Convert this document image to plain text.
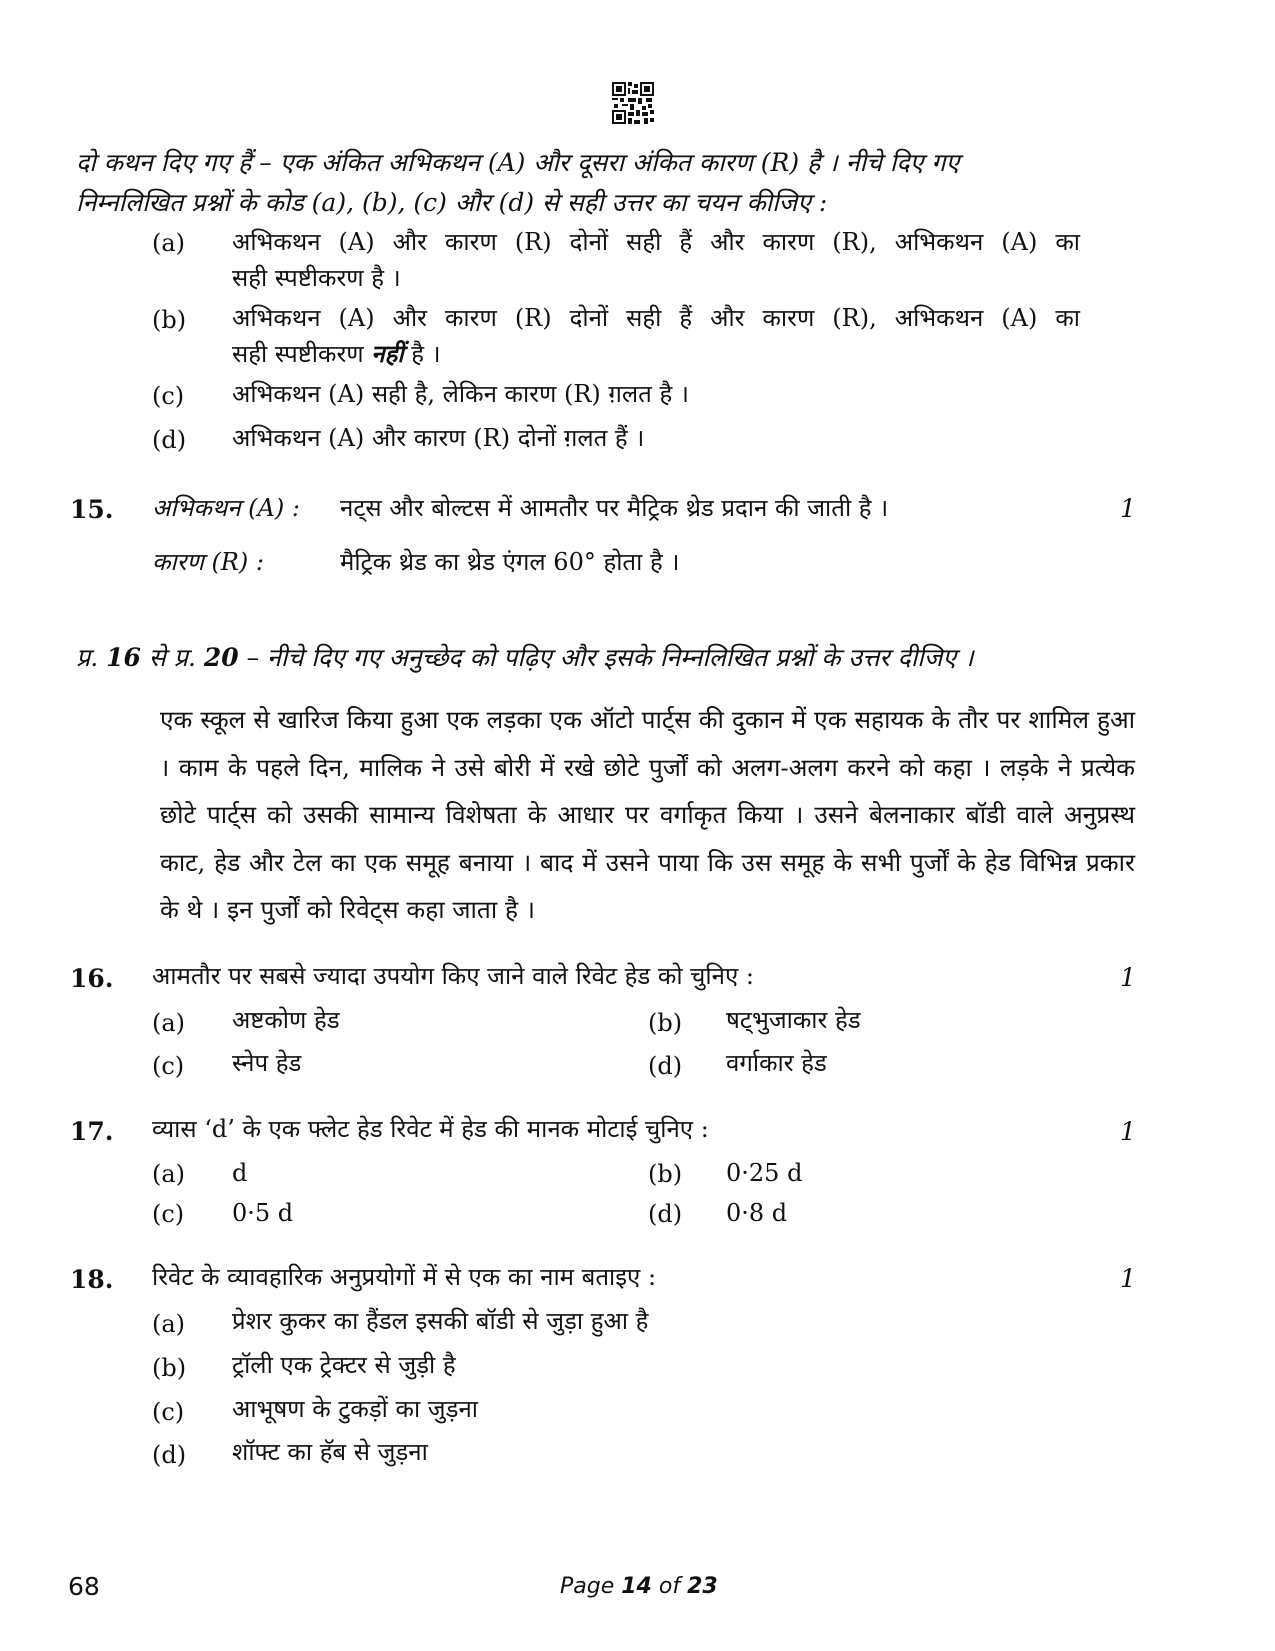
दो कथन दिए गए हैं – एक अंकित अभिकथन (A) और दूसरा अंकित कारण (R) है । नीचे दिए गए
निम्नलिखित प्रश्नों के कोड (a), (b), (c) और (d) से सही उत्तर का चयन कीजिए :
(a) अभिकथन (A) और कारण (R) दोनों सही हैं और कारण (R), अभिकथन (A) का
सही स्पष्टीकरण है ।
(b) अभिकथन (A) और कारण (R) दोनों सही हैं और कारण (R), अभिकथन (A) का
सही स्पष्टीकरण नहीं है ।
(c) अभिकथन (A) सही है, लेकिन कारण (R) ग़लत है ।
(d) अभिकथन (A) और कारण (R) दोनों ग़लत हैं ।
15. अभिकथन (A) : नट्स और बोल्टस में आमतौर पर मैट्रिक थ्रेड प्रदान की जाती है ।	1
कारण (R) :	मैट्रिक थ्रेड का थ्रेड एंगल 60° होता है ।
प्र. 16 से प्र. 20 – नीचे दिए गए अनुच्छेद को पढ़िए और इसके निम्नलिखित प्रश्नों के उत्तर दीजिए ।
एक स्कूल से खारिज किया हुआ एक लड़का एक ऑटो पार्ट्स की दुकान में एक सहायक के तौर पर शामिल हुआ । काम के पहले दिन, मालिक ने उसे बोरी में रखे छोटे पुर्जों को अलग-अलग करने को कहा । लड़के ने प्रत्येक छोटे पार्ट्स को उसकी सामान्य विशेषता के आधार पर वर्गाकृत किया । उसने बेलनाकार बॉडी वाले अनुप्रस्थ काट, हेड और टेल का एक समूह बनाया । बाद में उसने पाया कि उस समूह के सभी पुर्जों के हेड विभिन्न प्रकार के थे । इन पुर्जों को रिवेट्स कहा जाता है ।
16. आमतौर पर सबसे ज्यादा उपयोग किए जाने वाले रिवेट हेड को चुनिए :	1
(a) अष्टकोण हेड	(b) षट्भुजाकार हेड
(c) स्नेप हेड	(d) वर्गाकार हेड
17. व्यास ‘d’ के एक फ्लेट हेड रिवेट में हेड की मानक मोटाई चुनिए :	1
(a) d	(b) 0·25 d
(c) 0·5 d	(d) 0·8 d
18. रिवेट के व्यावहारिक अनुप्रयोगों में से एक का नाम बताइए :	1
(a) प्रेशर कुकर का हैंडल इसकी बॉडी से जुड़ा हुआ है
(b) ट्रॉली एक ट्रेक्टर से जुड़ी है
(c) आभूषण के टुकड़ों का जुड़ना
(d) शॉफ्ट का हॅब से जुड़ना
68	Page 14 of 23
